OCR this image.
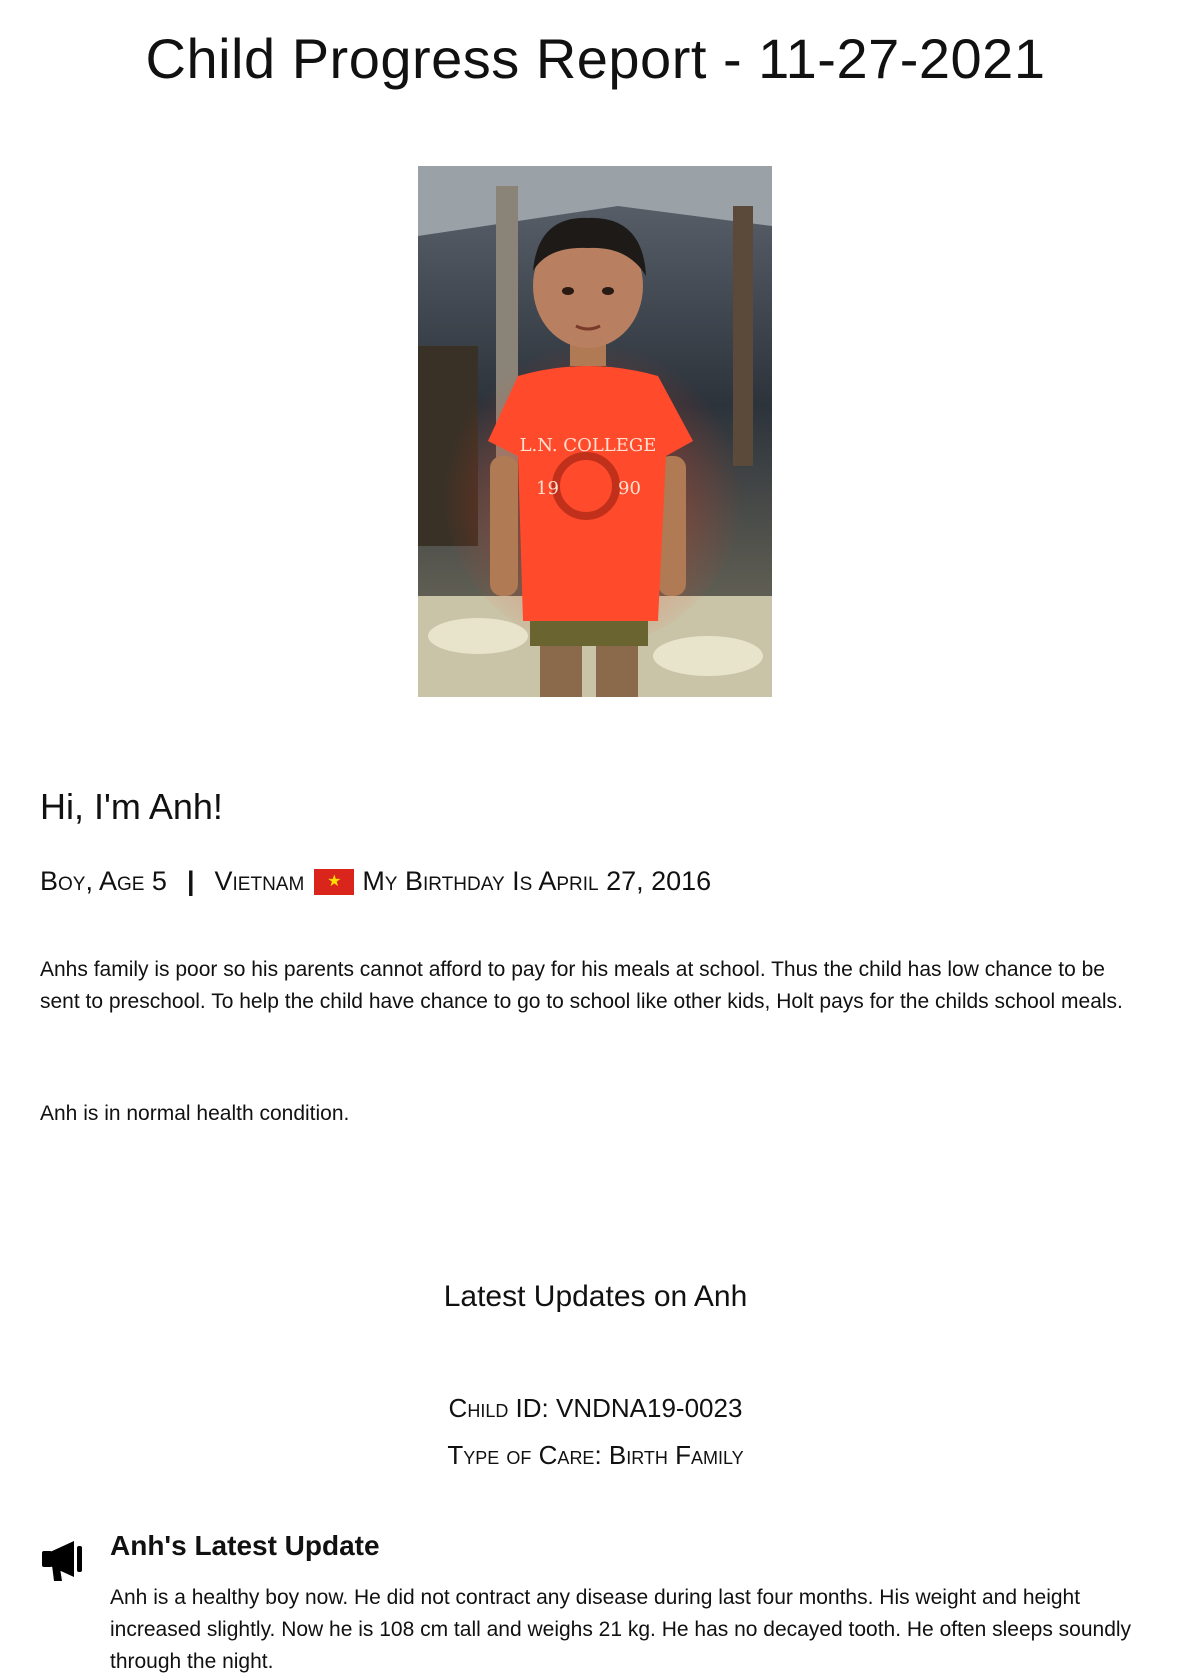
Child Progress Report - 11-27-2021
L.N. COLLEGE
19	90
Hi, I'm Anh!
Boy, Age 5 | Vietnam	★ My Birthday Is April 27, 2016

Anhs family is poor so his parents cannot afford to pay for his meals at school. Thus the child has low chance to be sent to preschool. To help the child have chance to go to school like other kids, Holt pays for the childs school meals.

Anh is in normal health condition.

Latest Updates on Anh
Child ID: VNDNA19-0023
Type of Care: Birth Family
Anh's Latest Update

Anh is a healthy boy now. He did not contract any disease during last four months. His weight and height increased slightly. Now he is 108 cm tall and weighs 21 kg. He has no decayed tooth. He often sleeps soundly through the night.
